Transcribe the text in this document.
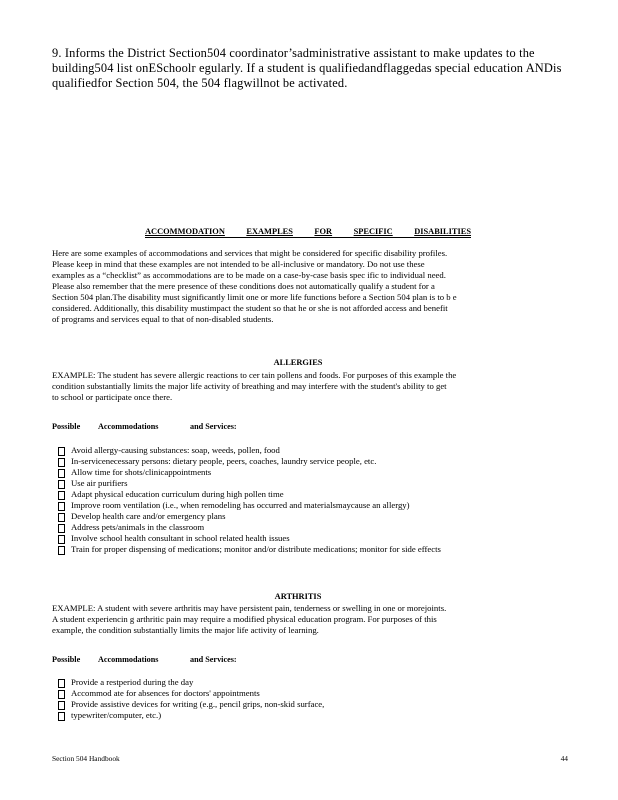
9. Informs the District Section504 coordinator’sadministrative assistant to make updates to the building504 list onESchoolr egularly. If a student is qualifiedandflaggedas special education ANDis qualifiedfor Section 504, the 504 flagwillnot be activated.
ACCOMMODATION	EXAMPLES	FOR	SPECIFIC	DISABILITIES

Here are some examples of accommodations and services that might be considered for specific disability profiles.

Please keep in mind that these examples are not intended to be all-inclusive or mandatory. Do not use these

examples as a “checklist” as accommodations are to be made on a case-by-case basis spec ific to individual need.

Please also remember that the mere presence of these conditions does not automatically qualify a student for a

Section 504 plan.The disability must significantly limit one or more life functions before a Section 504 plan is to b e

considered. Additionally, this disability mustimpact the student so that he or she is not afforded access and benefit

of programs and services equal to that of non-disabled students.

ALLERGIES

EXAMPLE: The student has severe allergic reactions to cer tain pollens and foods. For purposes of this example the

condition substantially limits the major life activity of breathing and may interfere with the student's ability to get

to school or participate once there.

Possible	Accommodations	and Services:
Avoid allergy-causing substances: soap, weeds, pollen, food
In-servicenecessary persons: dietary people, peers, coaches, laundry service people, etc.
Allow time for shots/clinicappointments
Use air purifiers
Adapt physical education curriculum during high pollen time
Improve room ventilation (i.e., when remodeling has occurred and materialsmaycause an allergy)
Develop health care and/or emergency plans
Address pets/animals in the classroom
Involve school health consultant in school related health issues
Train for proper dispensing of medications; monitor and/or distribute medications; monitor for side effects
ARTHRITIS

EXAMPLE: A student with severe arthritis may have persistent pain, tenderness or swelling in one or morejoints.

A student experiencin g arthritic pain may require a modified physical education program. For purposes of this

example, the condition substantially limits the major life activity of learning.

Possible	Accommodations	and Services:
Provide a restperiod during the day
Accommod ate for absences for doctors' appointments
Provide assistive devices for writing (e.g., pencil grips, non-skid surface,
typewriter/computer, etc.)
Section 504 Handbook	44
